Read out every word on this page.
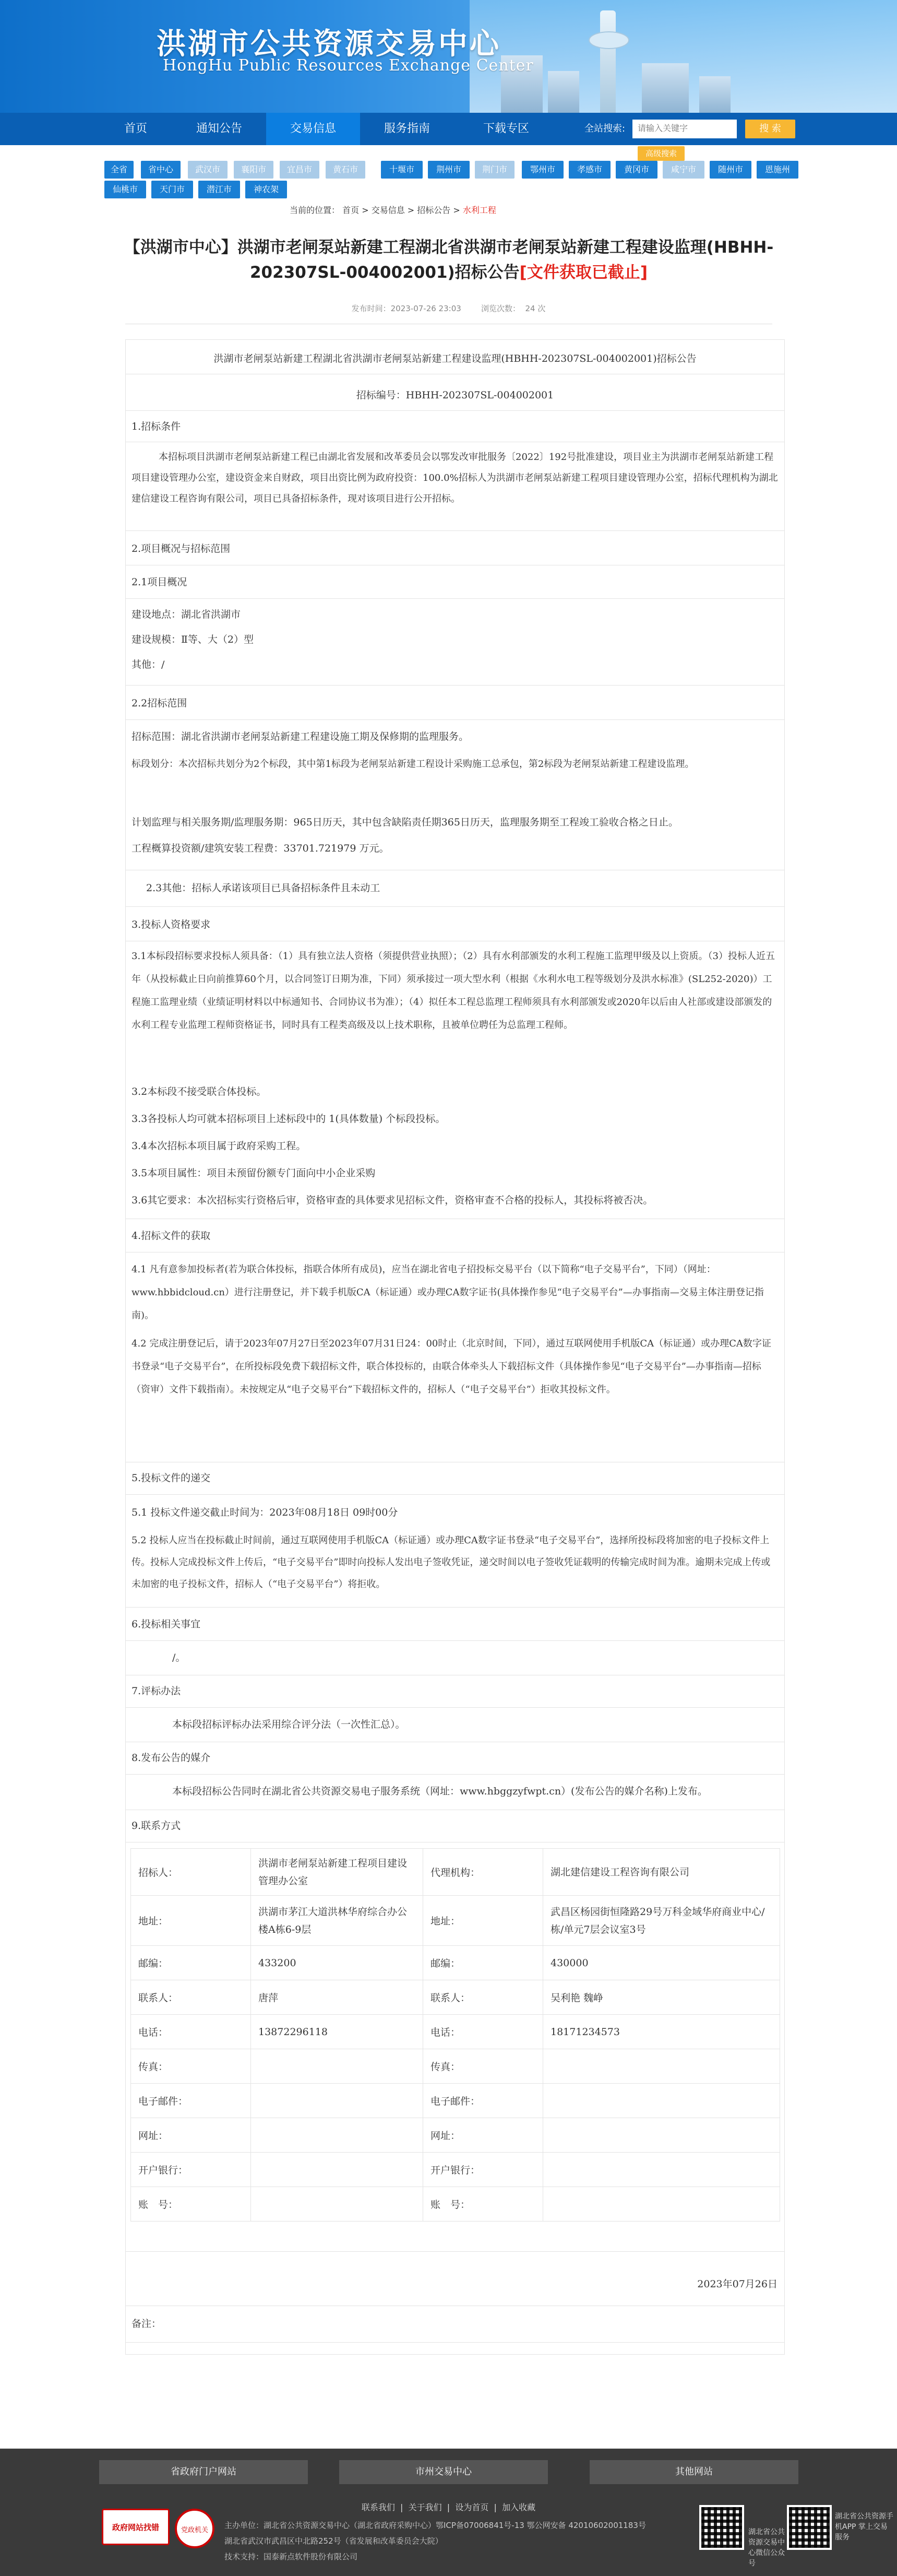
洪湖市公共资源交易中心
HongHu Public Resources Exchange Center
首页	通知公告	交易信息	服务指南	下载专区	全站搜索:
请输入关键字	搜 索
高级搜索
全省	省中心	武汉市	襄阳市	宜昌市	黄石市	十堰市	荆州市	荆门市	鄂州市	孝感市	黄冈市	咸宁市	随州市	恩施州
仙桃市	天门市	潜江市	神农架
当前的位置： 首页 > 交易信息 > 招标公告 > 水利工程
【洪湖市中心】洪湖市老闸泵站新建工程湖北省洪湖市老闸泵站新建工程建设监理(HBHH-202307SL-004002001)招标公告[文件获取已截止]
发布时间：2023-07-26 23:03	浏览次数： 24 次
洪湖市老闸泵站新建工程湖北省洪湖市老闸泵站新建工程建设监理(HBHH-202307SL-004002001)招标公告
招标编号：HBHH-202307SL-004002001
1.招标条件
本招标项目洪湖市老闸泵站新建工程已由湖北省发展和改革委员会以鄂发改审批服务〔2022〕192号批准建设，项目业主为洪湖市老闸泵站新建工程项目建设管理办公室，建设资金来自财政，项目出资比例为政府投资：100.0%招标人为洪湖市老闸泵站新建工程项目建设管理办公室，招标代理机构为湖北建信建设工程咨询有限公司，项目已具备招标条件，现对该项目进行公开招标。
2.项目概况与招标范围
2.1项目概况
建设地点：湖北省洪湖市
建设规模：Ⅱ等、大（2）型
其他：/
2.2招标范围
招标范围：湖北省洪湖市老闸泵站新建工程建设施工期及保修期的监理服务。
标段划分：本次招标共划分为2个标段，其中第1标段为老闸泵站新建工程设计采购施工总承包，第2标段为老闸泵站新建工程建设监理。
计划监理与相关服务期/监理服务期：965日历天，其中包含缺陷责任期365日历天，监理服务期至工程竣工验收合格之日止。
工程概算投资额/建筑安装工程费：33701.721979 万元。
2.3其他：招标人承诺该项目已具备招标条件且未动工
3.投标人资格要求
3.1本标段招标要求投标人须具备：（1）具有独立法人资格（须提供营业执照）；（2）具有水利部颁发的水利工程施工监理甲级及以上资质。（3）投标人近五年（从投标截止日向前推算60个月，以合同签订日期为准，下同）须承接过一项大型水利（根据《水利水电工程等级划分及洪水标准》(SL252-2020)）工程施工监理业绩（业绩证明材料以中标通知书、合同协议书为准）；（4）拟任本工程总监理工程师须具有水利部颁发或2020年以后由人社部或建设部颁发的水利工程专业监理工程师资格证书，同时具有工程类高级及以上技术职称，且被单位聘任为总监理工程师。
3.2本标段不接受联合体投标。
3.3各投标人均可就本招标项目上述标段中的 1(具体数量) 个标段投标。
3.4本次招标本项目属于政府采购工程。
3.5本项目属性：项目未预留份额专门面向中小企业采购
3.6其它要求：本次招标实行资格后审，资格审查的具体要求见招标文件，资格审查不合格的投标人，其投标将被否决。
4.招标文件的获取
4.1 凡有意参加投标者(若为联合体投标，指联合体所有成员)，应当在湖北省电子招投标交易平台（以下简称“电子交易平台”，下同）（网址：www.hbbidcloud.cn）进行注册登记，并下载手机版CA（标证通）或办理CA数字证书(具体操作参见“电子交易平台”—办事指南—交易主体注册登记指南)。
4.2 完成注册登记后，请于2023年07月27日至2023年07月31日24：00时止（北京时间，下同），通过互联网使用手机版CA（标证通）或办理CA数字证书登录“电子交易平台”，在所投标段免费下载招标文件，联合体投标的，由联合体牵头人下载招标文件（具体操作参见“电子交易平台”—办事指南—招标（资审）文件下载指南）。未按规定从“电子交易平台”下载招标文件的，招标人（“电子交易平台”）拒收其投标文件。
5.投标文件的递交
5.1 投标文件递交截止时间为：2023年08月18日 09时00分
5.2 投标人应当在投标截止时间前，通过互联网使用手机版CA（标证通）或办理CA数字证书登录“电子交易平台”，选择所投标段将加密的电子投标文件上传。投标人完成投标文件上传后，“电子交易平台”即时向投标人发出电子签收凭证，递交时间以电子签收凭证载明的传输完成时间为准。逾期未完成上传或未加密的电子投标文件，招标人（“电子交易平台”）将拒收。
6.投标相关事宜
/。
7.评标办法
本标段招标评标办法采用综合评分法（一次性汇总）。
8.发布公告的媒介
本标段招标公告同时在湖北省公共资源交易电子服务系统（网址：www.hbggzyfwpt.cn）(发布公告的媒介名称)上发布。
9.联系方式
招标人：	洪湖市老闸泵站新建工程项目建设管理办公室	代理机构：	湖北建信建设工程咨询有限公司
地址：	洪湖市茅江大道洪林华府综合办公楼A栋6-9层	地址：	武昌区杨园街恒隆路29号万科金域华府商业中心/栋/单元7层会议室3号
邮编：	433200	邮编：	430000
联系人：	唐萍	联系人：	吴利艳 魏峥
电话：	13872296118	电话：	18171234573
传真：		传真：	
电子邮件：		电子邮件：	
网址：		网址：	
开户银行：		开户银行：	
账　号：		账　号：	
2023年07月26日
备注：
省政府门户网站	市州交易中心	其他网站
联系我们  |  关于我们  |  设为首页  |  加入收藏
政府网站找错	党政机关
主办单位：湖北省公共资源交易中心（湖北省政府采购中心）鄂ICP备07006841号-13 鄂公网安备 42010602001183号
湖北省武汉市武昌区中北路252号（省发展和改革委员会大院）
技术支持：国泰新点软件股份有限公司
湖北省公共资源交易中心微信公众号
湖北省公共资源手机APP 掌上交易服务
